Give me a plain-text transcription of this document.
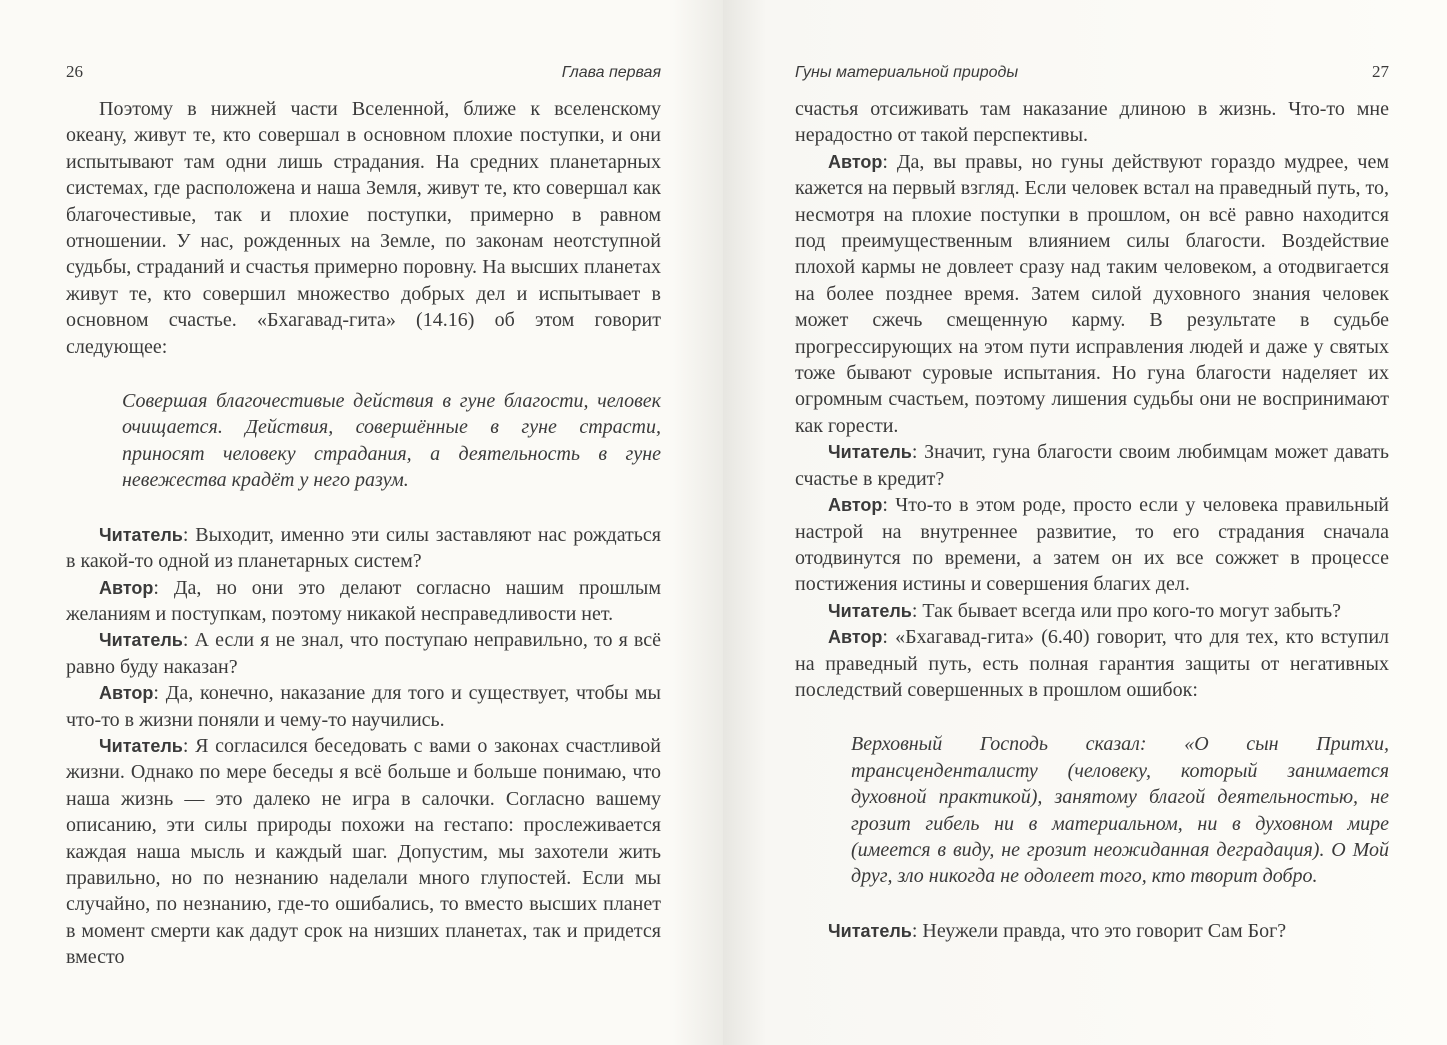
26	Глава первая

Поэтому в нижней части Вселенной, ближе к вселенскому океану, живут те, кто совершал в основном плохие поступки, и они испытывают там одни лишь страдания. На средних планетарных системах, где расположена и наша Земля, живут те, кто совершал как благочестивые, так и плохие поступки, примерно в равном отношении. У нас, рожденных на Земле, по законам неотступной судьбы, страданий и счастья примерно поровну. На высших планетах живут те, кто совершил множество добрых дел и испытывает в основном счастье. «Бхагавад-гита» (14.16) об этом говорит следующее:

Совершая благочестивые действия в гуне благости, человек очищается. Действия, совершённые в гуне страсти, приносят человеку страдания, а деятельность в гуне невежества крадёт у него разум.

Читатель: Выходит, именно эти силы заставляют нас рождаться в какой-то одной из планетарных систем?

Автор: Да, но они это делают согласно нашим прошлым желаниям и поступкам, поэтому никакой несправедливости нет.

Читатель: А если я не знал, что поступаю неправильно, то я всё равно буду наказан?

Автор: Да, конечно, наказание для того и существует, чтобы мы что-то в жизни поняли и чему-то научились.

Читатель: Я согласился беседовать с вами о законах счастливой жизни. Однако по мере беседы я всё больше и больше понимаю, что наша жизнь — это далеко не игра в салочки. Согласно вашему описанию, эти силы природы похожи на гестапо: прослеживается каждая наша мысль и каждый шаг. Допустим, мы захотели жить правильно, но по незнанию наделали много глупостей. Если мы случайно, по незнанию, где-то ошибались, то вместо высших планет в момент смерти как дадут срок на низших планетах, так и придется вместо

Гуны материальной природы	27

счастья отсиживать там наказание длиною в жизнь. Что-то мне нерадостно от такой перспективы.

Автор: Да, вы правы, но гуны действуют гораздо мудрее, чем кажется на первый взгляд. Если человек встал на праведный путь, то, несмотря на плохие поступки в прошлом, он всё равно находится под преимущественным влиянием силы благости. Воздействие плохой кармы не довлеет сразу над таким человеком, а отодвигается на более позднее время. Затем силой духовного знания человек может сжечь смещенную карму. В результате в судьбе прогрессирующих на этом пути исправления людей и даже у святых тоже бывают суровые испытания. Но гуна благости наделяет их огромным счастьем, поэтому лишения судьбы они не воспринимают как горести.

Читатель: Значит, гуна благости своим любимцам может давать счастье в кредит?

Автор: Что-то в этом роде, просто если у человека правильный настрой на внутреннее развитие, то его страдания сначала отодвинутся по времени, а затем он их все сожжет в процессе постижения истины и совершения благих дел.

Читатель: Так бывает всегда или про кого-то могут забыть?

Автор: «Бхагавад-гита» (6.40) говорит, что для тех, кто вступил на праведный путь, есть полная гарантия защиты от негативных последствий совершенных в прошлом ошибок:

Верховный Господь сказал: «О сын Притхи, трансценденталисту (человеку, который занимается духовной практикой), занятому благой деятельностью, не грозит гибель ни в материальном, ни в духовном мире (имеется в виду, не грозит неожиданная деградация). О Мой друг, зло никогда не одолеет того, кто творит добро.

Читатель: Неужели правда, что это говорит Сам Бог?
